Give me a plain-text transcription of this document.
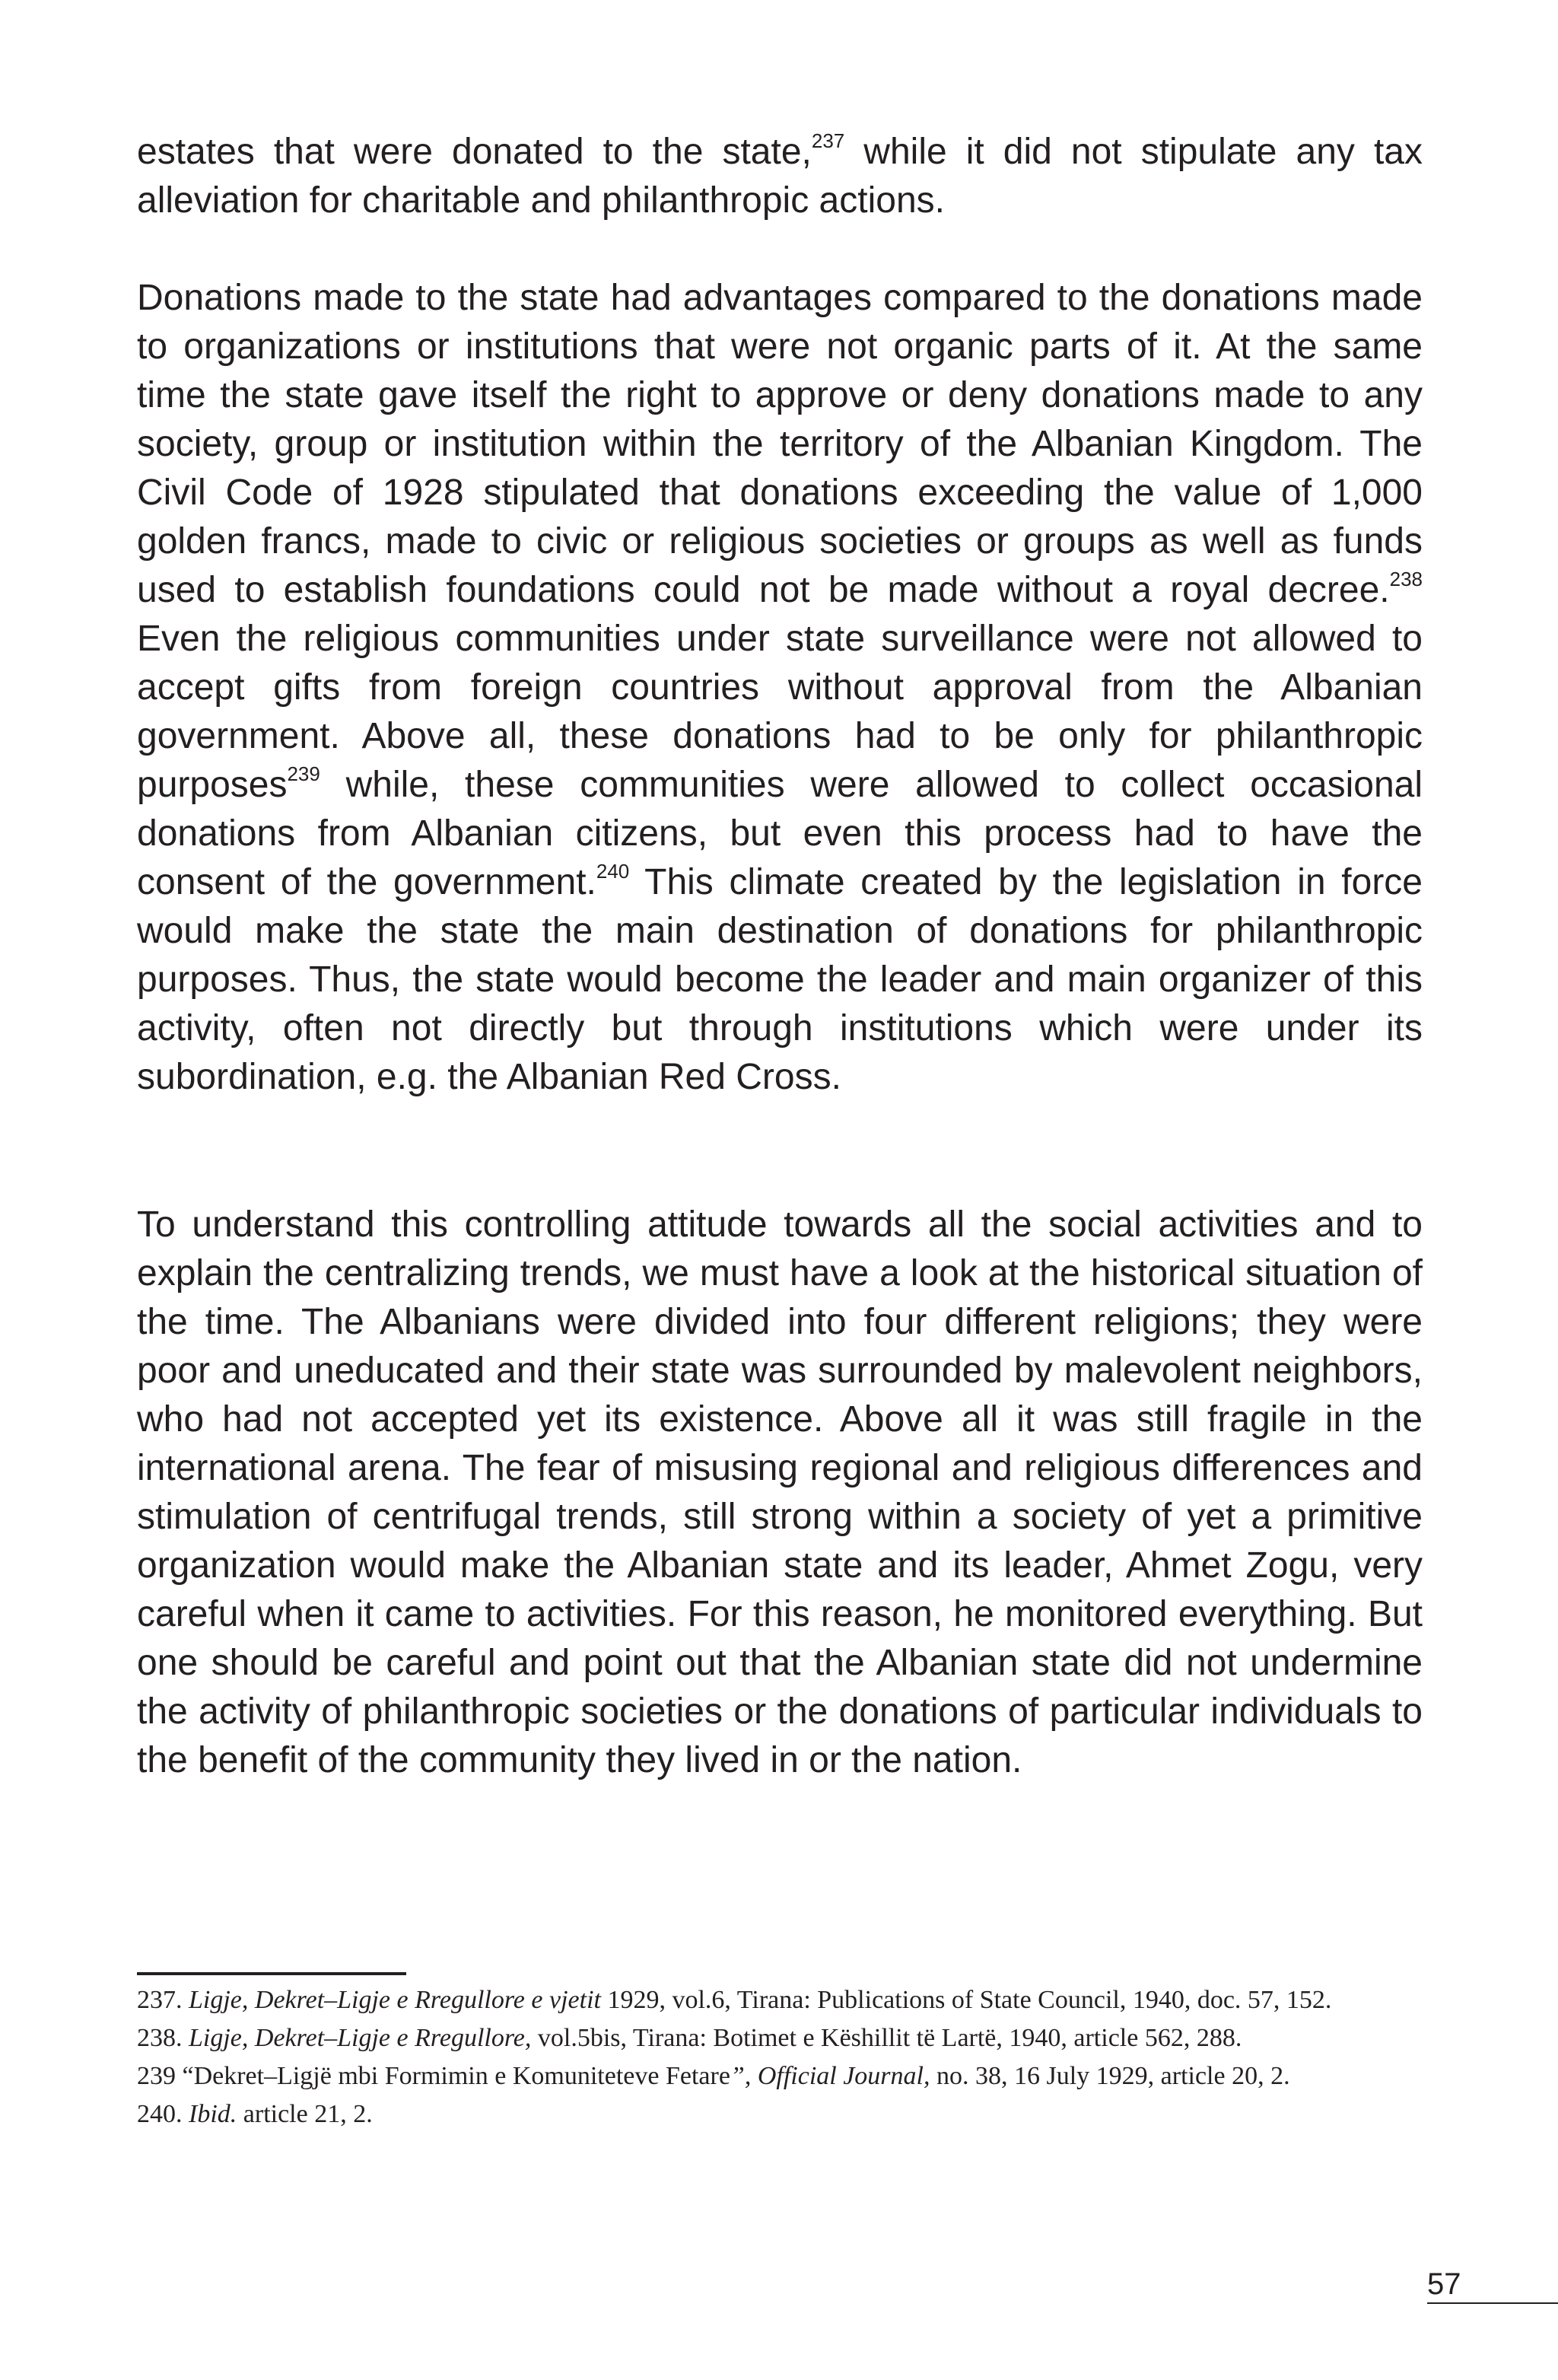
estates that were donated to the state,$^{237}$ while it did not stipulate any tax alleviation for charitable and philanthropic actions.

Donations made to the state had advantages compared to the donations made to organizations or institutions that were not organic parts of it. At the same time the state gave itself the right to approve or deny donations made to any society, group or institution within the territory of the Albanian Kingdom. The Civil Code of 1928 stipulated that donations exceeding the value of 1,000 golden francs, made to civic or religious societies or groups as well as funds used to establish foundations could not be made without a royal decree.$^{238}$ Even the religious communities under state surveillance were not allowed to accept gifts from foreign countries without approval from the Albanian government. Above all, these donations had to be only for philanthropic purposes$^{239}$ while, these communities were allowed to collect occasional donations from Albanian citizens, but even this process had to have the consent of the government.$^{240}$ This climate created by the legislation in force would make the state the main destination of donations for philanthropic purposes. Thus, the state would become the leader and main organizer of this activity, often not directly but through institutions which were under its subordination, e.g. the Albanian Red Cross.

To understand this controlling attitude towards all the social activities and to explain the centralizing trends, we must have a look at the historical situation of the time. The Albanians were divided into four different religions; they were poor and uneducated and their state was surrounded by malevolent neighbors, who had not accepted yet its existence. Above all it was still fragile in the international arena. The fear of misusing regional and religious differences and stimulation of centrifugal trends, still strong within a society of yet a primitive organization would make the Albanian state and its leader, Ahmet Zogu, very careful when it came to activities. For this reason, he monitored everything. But one should be careful and point out that the Albanian state did not undermine the activity of philanthropic societies or the donations of particular individuals to the benefit of the community they lived in or the nation.

237. Ligje, Dekret–Ligje e Rregullore e vjetit 1929, vol.6, Tirana: Publications of State Council, 1940, doc. 57, 152.
238. Ligje, Dekret–Ligje e Rregullore, vol.5bis, Tirana: Botimet e Këshillit të Lartë, 1940, article 562, 288.
239 “Dekret–Ligjë mbi Formimin e Komuniteteve Fetare”, Official Journal, no. 38, 16 July 1929, article 20, 2.
240. Ibid. article 21, 2.
57
